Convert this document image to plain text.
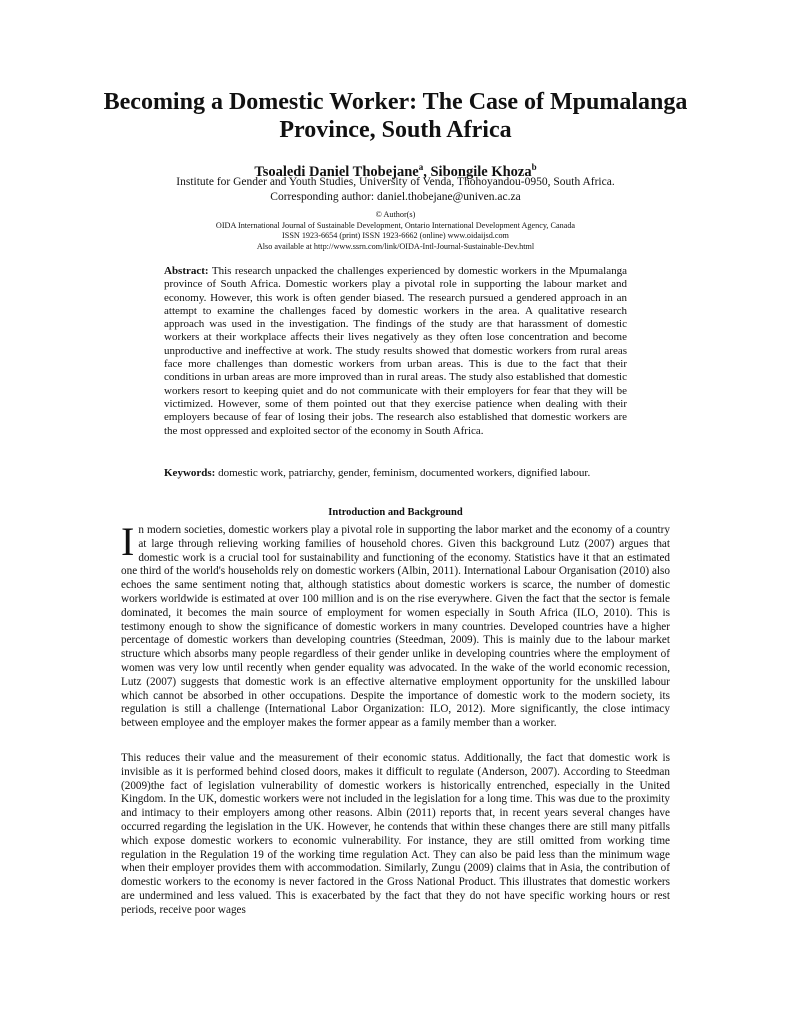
Becoming a Domestic Worker: The Case of Mpumalanga Province, South Africa
Tsoaledi Daniel Thobejane$^a$, Sibongile Khoza$^b$
Institute for Gender and Youth Studies, University of Venda, Thohoyandou-0950, South Africa.
Corresponding author: daniel.thobejane@univen.ac.za
© Author(s)
OIDA International Journal of Sustainable Development, Ontario International Development Agency, Canada
ISSN 1923-6654 (print) ISSN 1923-6662 (online) www.oidaijsd.com
Also available at http://www.ssrn.com/link/OIDA-Intl-Journal-Sustainable-Dev.html
Abstract: This research unpacked the challenges experienced by domestic workers in the Mpumalanga province of South Africa. Domestic workers play a pivotal role in supporting the labour market and economy. However, this work is often gender biased. The research pursued a gendered approach in an attempt to examine the challenges faced by domestic workers in the area. A qualitative research approach was used in the investigation. The findings of the study are that harassment of domestic workers at their workplace affects their lives negatively as they often lose concentration and become unproductive and ineffective at work. The study results showed that domestic workers from rural areas face more challenges than domestic workers from urban areas. This is due to the fact that their conditions in urban areas are more improved than in rural areas. The study also established that domestic workers resort to keeping quiet and do not communicate with their employers for fear that they will be victimized. However, some of them pointed out that they exercise patience when dealing with their employers because of fear of losing their jobs. The research also established that domestic workers are the most oppressed and exploited sector of the economy in South Africa.
Keywords: domestic work, patriarchy, gender, feminism, documented workers, dignified labour.
Introduction and Background
In modern societies, domestic workers play a pivotal role in supporting the labor market and the economy of a country at large through relieving working families of household chores. Given this background Lutz (2007) argues that domestic work is a crucial tool for sustainability and functioning of the economy. Statistics have it that an estimated one third of the world's households rely on domestic workers (Albin, 2011). International Labour Organisation (2010) also echoes the same sentiment noting that, although statistics about domestic workers is scarce, the number of domestic workers worldwide is estimated at over 100 million and is on the rise everywhere. Given the fact that the sector is female dominated, it becomes the main source of employment for women especially in South Africa (ILO, 2010). This is testimony enough to show the significance of domestic workers in many countries. Developed countries have a higher percentage of domestic workers than developing countries (Steedman, 2009). This is mainly due to the labour market structure which absorbs many people regardless of their gender unlike in developing countries where the employment of women was very low until recently when gender equality was advocated. In the wake of the world economic recession, Lutz (2007) suggests that domestic work is an effective alternative employment opportunity for the unskilled labour which cannot be absorbed in other occupations. Despite the importance of domestic work to the modern society, its regulation is still a challenge (International Labor Organization: ILO, 2012). More significantly, the close intimacy between employee and the employer makes the former appear as a family member than a worker.
This reduces their value and the measurement of their economic status. Additionally, the fact that domestic work is invisible as it is performed behind closed doors, makes it difficult to regulate (Anderson, 2007). According to Steedman (2009)the fact of legislation vulnerability of domestic workers is historically entrenched, especially in the United Kingdom. In the UK, domestic workers were not included in the legislation for a long time. This was due to the proximity and intimacy to their employers among other reasons. Albin (2011) reports that, in recent years several changes have occurred regarding the legislation in the UK. However, he contends that within these changes there are still many pitfalls which expose domestic workers to economic vulnerability. For instance, they are still omitted from working time regulation in the Regulation 19 of the working time regulation Act. They can also be paid less than the minimum wage when their employer provides them with accommodation. Similarly, Zungu (2009) claims that in Asia, the contribution of domestic workers to the economy is never factored in the Gross National Product. This illustrates that domestic workers are undermined and less valued. This is exacerbated by the fact that they do not have specific working hours or rest periods, receive poor wages
